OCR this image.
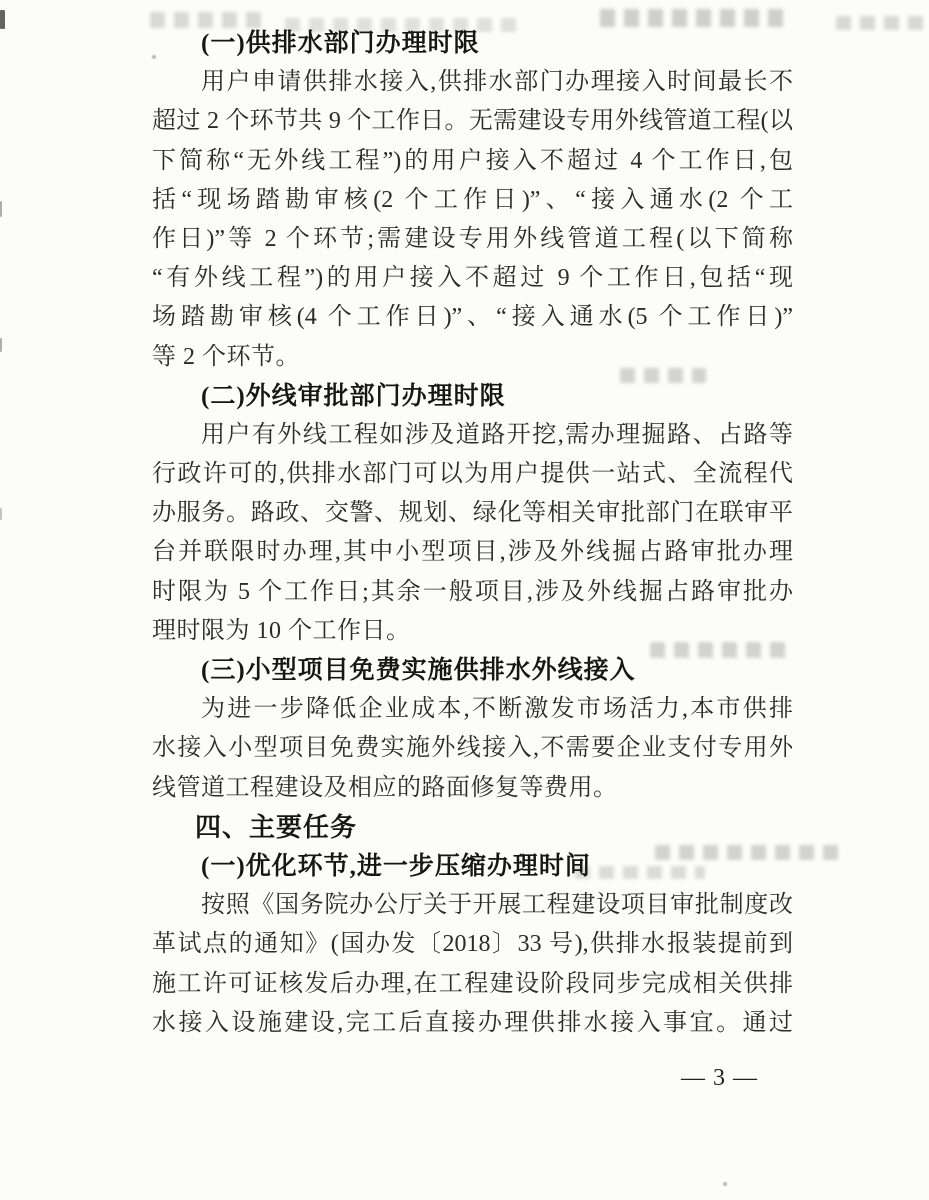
(一)供排水部门办理时限
用户申请供排水接入,供排水部门办理接入时间最长不
超过 2 个环节共 9 个工作日。无需建设专用外线管道工程(以
下简称“无外线工程”)的用户接入不超过 4 个工作日,包
括“现场踏勘审核(2 个工作日)”、“接入通水(2 个工
作日)”等 2 个环节;需建设专用外线管道工程(以下简称
“有外线工程”)的用户接入不超过 9 个工作日,包括“现
场踏勘审核(4 个工作日)”、“接入通水(5 个工作日)”
等 2 个环节。
(二)外线审批部门办理时限
用户有外线工程如涉及道路开挖,需办理掘路、占路等
行政许可的,供排水部门可以为用户提供一站式、全流程代
办服务。路政、交警、规划、绿化等相关审批部门在联审平
台并联限时办理,其中小型项目,涉及外线掘占路审批办理
时限为 5 个工作日;其余一般项目,涉及外线掘占路审批办
理时限为 10 个工作日。
(三)小型项目免费实施供排水外线接入
为进一步降低企业成本,不断激发市场活力,本市供排
水接入小型项目免费实施外线接入,不需要企业支付专用外
线管道工程建设及相应的路面修复等费用。
四、主要任务
(一)优化环节,进一步压缩办理时间
按照《国务院办公厅关于开展工程建设项目审批制度改
革试点的通知》(国办发〔2018〕33 号),供排水报装提前到
施工许可证核发后办理,在工程建设阶段同步完成相关供排
水接入设施建设,完工后直接办理供排水接入事宜。通过
— 3 —
